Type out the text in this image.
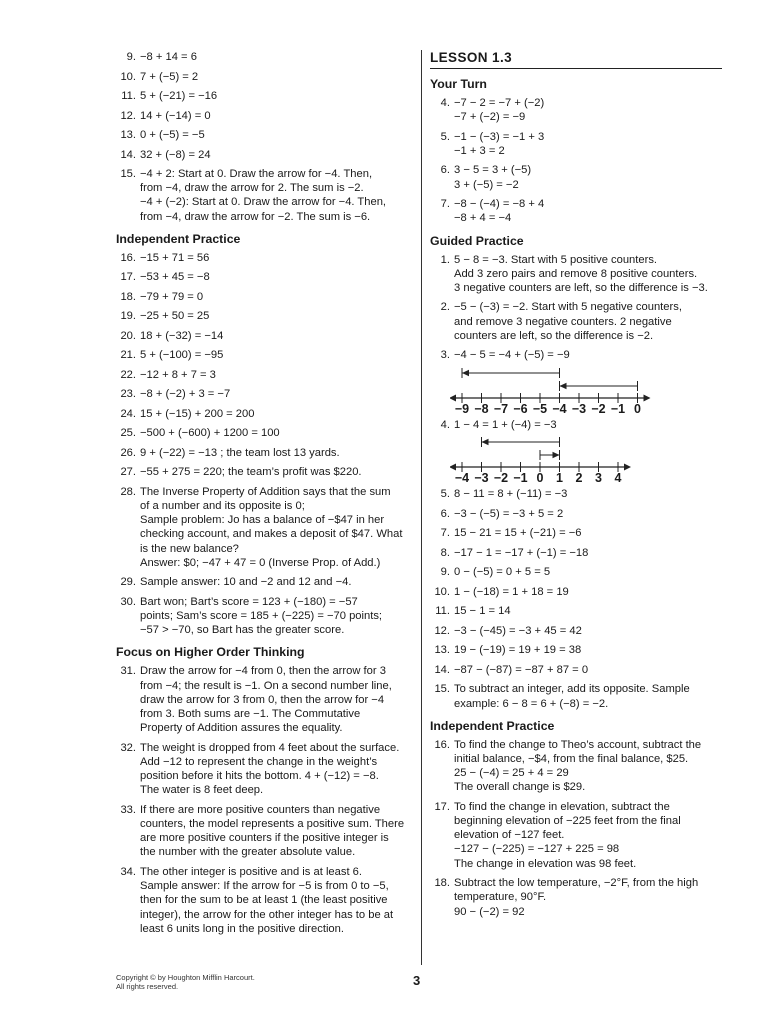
9. −8 + 14 = 6
10. 7 + (−5) = 2
11. 5 + (−21) = −16
12. 14 + (−14) = 0
13. 0 + (−5) = −5
14. 32 + (−8) = 24
15. −4 + 2: Start at 0. Draw the arrow for −4. Then,
from −4, draw the arrow for 2. The sum is −2.
−4 + (−2): Start at 0. Draw the arrow for −4. Then,
from −4, draw the arrow for −2. The sum is −6.
Independent Practice
16. −15 + 71 = 56
17. −53 + 45 = −8
18. −79 + 79 = 0
19. −25 + 50 = 25
20. 18 + (−32) = −14
21. 5 + (−100) = −95
22. −12 + 8 + 7 = 3
23. −8 + (−2) + 3 = −7
24. 15 + (−15) + 200 = 200
25. −500 + (−600) + 1200 = 100
26. 9 + (−22) = −13 ; the team lost 13 yards.
27. −55 + 275 = 220; the team’s profit was $220.
28. The Inverse Property of Addition says that the sum
of a number and its opposite is 0;
Sample problem: Jo has a balance of −$47 in her
checking account, and makes a deposit of $47. What
is the new balance?
Answer: $0; −47 + 47 = 0 (Inverse Prop. of Add.)
29. Sample answer: 10 and −2 and 12 and −4.
30. Bart won; Bart’s score = 123 + (−180) = −57
points; Sam’s score = 185 + (−225) = −70 points;
−57 > −70, so Bart has the greater score.
Focus on Higher Order Thinking
31. Draw the arrow for −4 from 0, then the arrow for 3
from −4; the result is −1. On a second number line,
draw the arrow for 3 from 0, then the arrow for −4
from 3. Both sums are −1. The Commutative
Property of Addition assures the equality.
32. The weight is dropped from 4 feet about the surface.
Add −12 to represent the change in the weight’s
position before it hits the bottom. 4 + (−12) = −8.
The water is 8 feet deep.
33. If there are more positive counters than negative
counters, the model represents a positive sum. There
are more positive counters if the positive integer is
the number with the greater absolute value.
34. The other integer is positive and is at least 6.
Sample answer: If the arrow for −5 is from 0 to −5,
then for the sum to be at least 1 (the least positive
integer), the arrow for the other integer has to be at
least 6 units long in the positive direction.
LESSON 1.3
Your Turn
4. −7 − 2 = −7 + (−2)
−7 + (−2) = −9
5. −1 − (−3) = −1 + 3
−1 + 3 = 2
6. 3 − 5 = 3 + (−5)
3 + (−5) = −2
7. −8 − (−4) = −8 + 4
−8 + 4 = −4
Guided Practice
1. 5 − 8 = −3. Start with 5 positive counters.
Add 3 zero pairs and remove 8 positive counters.
3 negative counters are left, so the difference is −3.
2. −5 − (−3) = −2. Start with 5 negative counters,
and remove 3 negative counters. 2 negative
counters are left, so the difference is −2.
3. −4 − 5 = −4 + (−5) = −9
−9 −8 −7 −6 −5 −4 −3 −2 −1 0
4. 1 − 4 = 1 + (−4) = −3
−4 −3 −2 −1 0 1 2 3 4
5. 8 − 11 = 8 + (−11) = −3
6. −3 − (−5) = −3 + 5 = 2
7. 15 − 21 = 15 + (−21) = −6
8. −17 − 1 = −17 + (−1) = −18
9. 0 − (−5) = 0 + 5 = 5
10. 1 − (−18) = 1 + 18 = 19
11. 15 − 1 = 14
12. −3 − (−45) = −3 + 45 = 42
13. 19 − (−19) = 19 + 19 = 38
14. −87 − (−87) = −87 + 87 = 0
15. To subtract an integer, add its opposite. Sample
example: 6 − 8 = 6 + (−8) = −2.
Independent Practice
16. To find the change to Theo’s account, subtract the
initial balance, −$4, from the final balance, $25.
25 − (−4) = 25 + 4 = 29
The overall change is $29.
17. To find the change in elevation, subtract the
beginning elevation of −225 feet from the final
elevation of −127 feet.
−127 − (−225) = −127 + 225 = 98
The change in elevation was 98 feet.
18. Subtract the low temperature, −2°F, from the high
temperature, 90°F.
90 − (−2) = 92
Copyright © by Houghton Mifflin Harcourt.
All rights reserved.	3
